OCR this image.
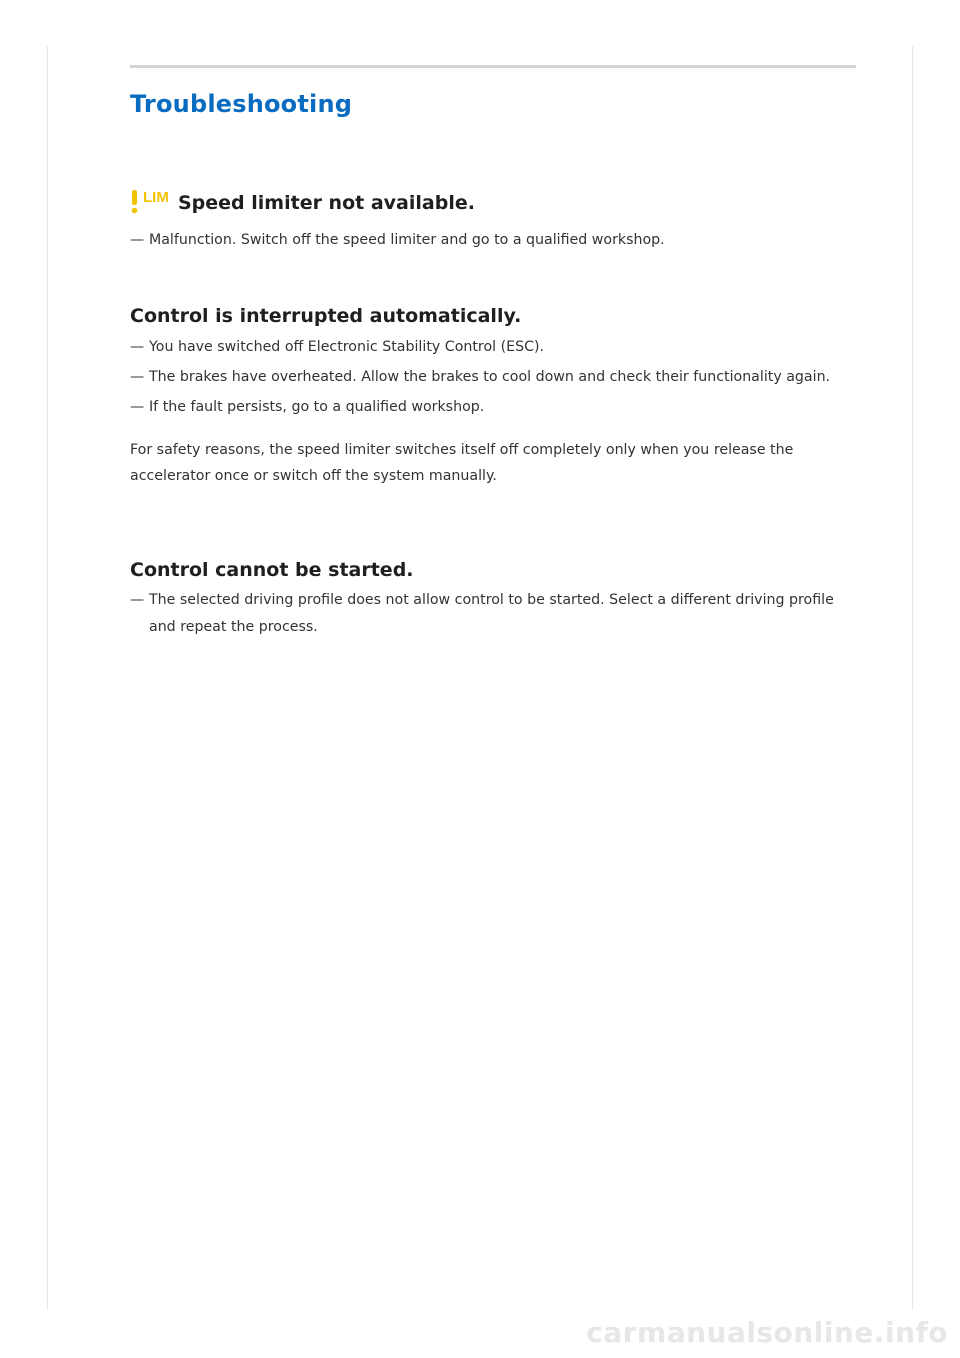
Troubleshooting
LIM Speed limiter not available.

— Malfunction. Switch off the speed limiter and go to a qualified workshop.

Control is interrupted automatically.

— You have switched off Electronic Stability Control (ESC).

— The brakes have overheated. Allow the brakes to cool down and check their functionality again.

— If the fault persists, go to a qualified workshop.

For safety reasons, the speed limiter switches itself off completely only when you release the accelerator once or switch off the system manually.

Control cannot be started.

— The selected driving profile does not allow control to be started. Select a different driving profile and repeat the process.

carmanualsonline.info
